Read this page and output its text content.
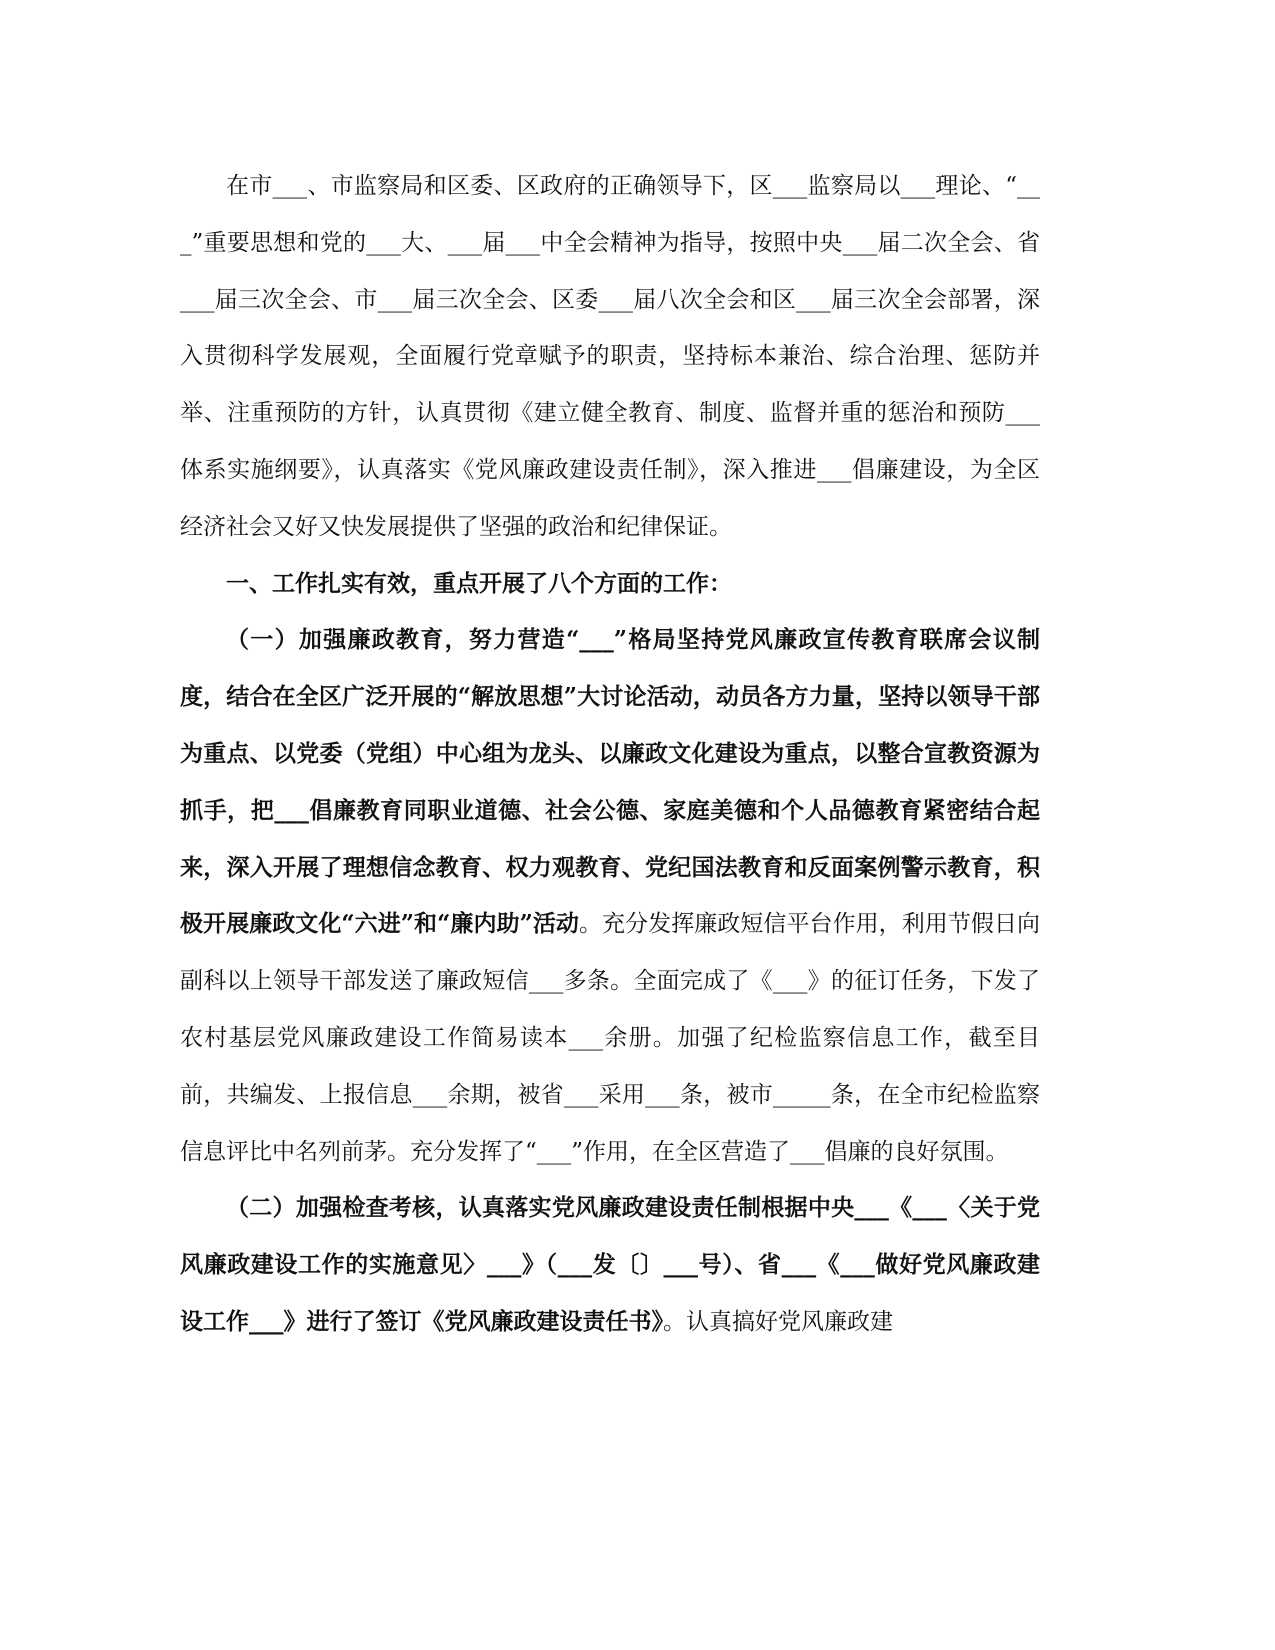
在市___、市监察局和区委、区政府的正确领导下，区___监察局以___理论、“___”重要思想和党的___大、___届___中全会精神为指导，按照中央___届二次全会、省___届三次全会、市___届三次全会、区委___届八次全会和区___届三次全会部署，深入贯彻科学发展观，全面履行党章赋予的职责，坚持标本兼治、综合治理、惩防并举、注重预防的方针，认真贯彻《建立健全教育、制度、监督并重的惩治和预防___体系实施纲要》，认真落实《党风廉政建设责任制》，深入推进___倡廉建设，为全区经济社会又好又快发展提供了坚强的政治和纪律保证。

一、工作扎实有效，重点开展了八个方面的工作：

（一）加强廉政教育，努力营造“___”格局坚持党风廉政宣传教育联席会议制度，结合在全区广泛开展的“解放思想”大讨论活动，动员各方力量，坚持以领导干部为重点、以党委（党组）中心组为龙头、以廉政文化建设为重点，以整合宣教资源为抓手，把___倡廉教育同职业道德、社会公德、家庭美德和个人品德教育紧密结合起来，深入开展了理想信念教育、权力观教育、党纪国法教育和反面案例警示教育，积极开展廉政文化“六进”和“廉内助”活动。充分发挥廉政短信平台作用，利用节假日向副科以上领导干部发送了廉政短信___多条。全面完成了《___》的征订任务，下发了农村基层党风廉政建设工作简易读本___余册。加强了纪检监察信息工作，截至目前，共编发、上报信息___余期，被省___采用___条，被市_____条，在全市纪检监察信息评比中名列前茅。充分发挥了“___”作用，在全区营造了___倡廉的良好氛围。

（二）加强检查考核，认真落实党风廉政建设责任制根据中央___《___〈关于党风廉政建设工作的实施意见〉___》（___发〔〕___号）、省___《___做好党风廉政建设工作___》进行了签订《党风廉政建设责任书》。认真搞好党风廉政建
